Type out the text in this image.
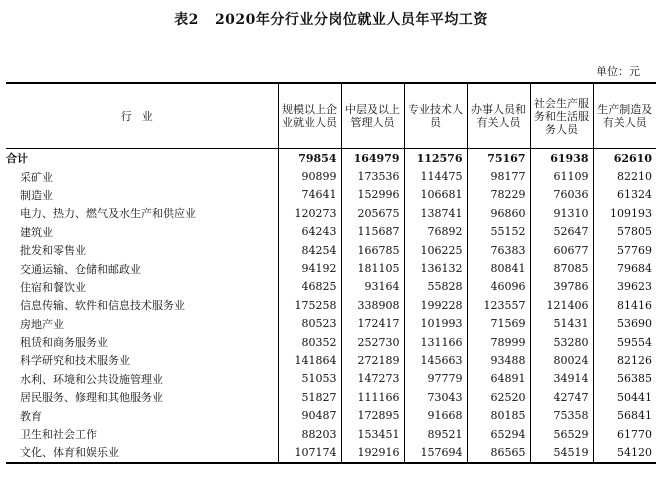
表2   2020年分行业分岗位就业人员年平均工资
单位：元
行业	规模以上企业就业人员	中层及以上管理人员	专业技术人员	办事人员和有关人员	社会生产服务和生活服务人员	生产制造及有关人员
合计	79854	164979	112576	75167	61938	62610
采矿业	90899	173536	114475	98177	61109	82210
制造业	74641	152996	106681	78229	76036	61324
电力、热力、燃气及水生产和供应业	120273	205675	138741	96860	91310	109193
建筑业	64243	115687	76892	55152	52647	57805
批发和零售业	84254	166785	106225	76383	60677	57769
交通运输、仓储和邮政业	94192	181105	136132	80841	87085	79684
住宿和餐饮业	46825	93164	55828	46096	39786	39623
信息传输、软件和信息技术服务业	175258	338908	199228	123557	121406	81416
房地产业	80523	172417	101993	71569	51431	53690
租赁和商务服务业	80352	252730	131166	78999	53280	59554
科学研究和技术服务业	141864	272189	145663	93488	80024	82126
水利、环境和公共设施管理业	51053	147273	97779	64891	34914	56385
居民服务、修理和其他服务业	51827	111166	73043	62520	42747	50441
教育	90487	172895	91668	80185	75358	56841
卫生和社会工作	88203	153451	89521	65294	56529	61770
文化、体育和娱乐业	107174	192916	157694	86565	54519	54120
